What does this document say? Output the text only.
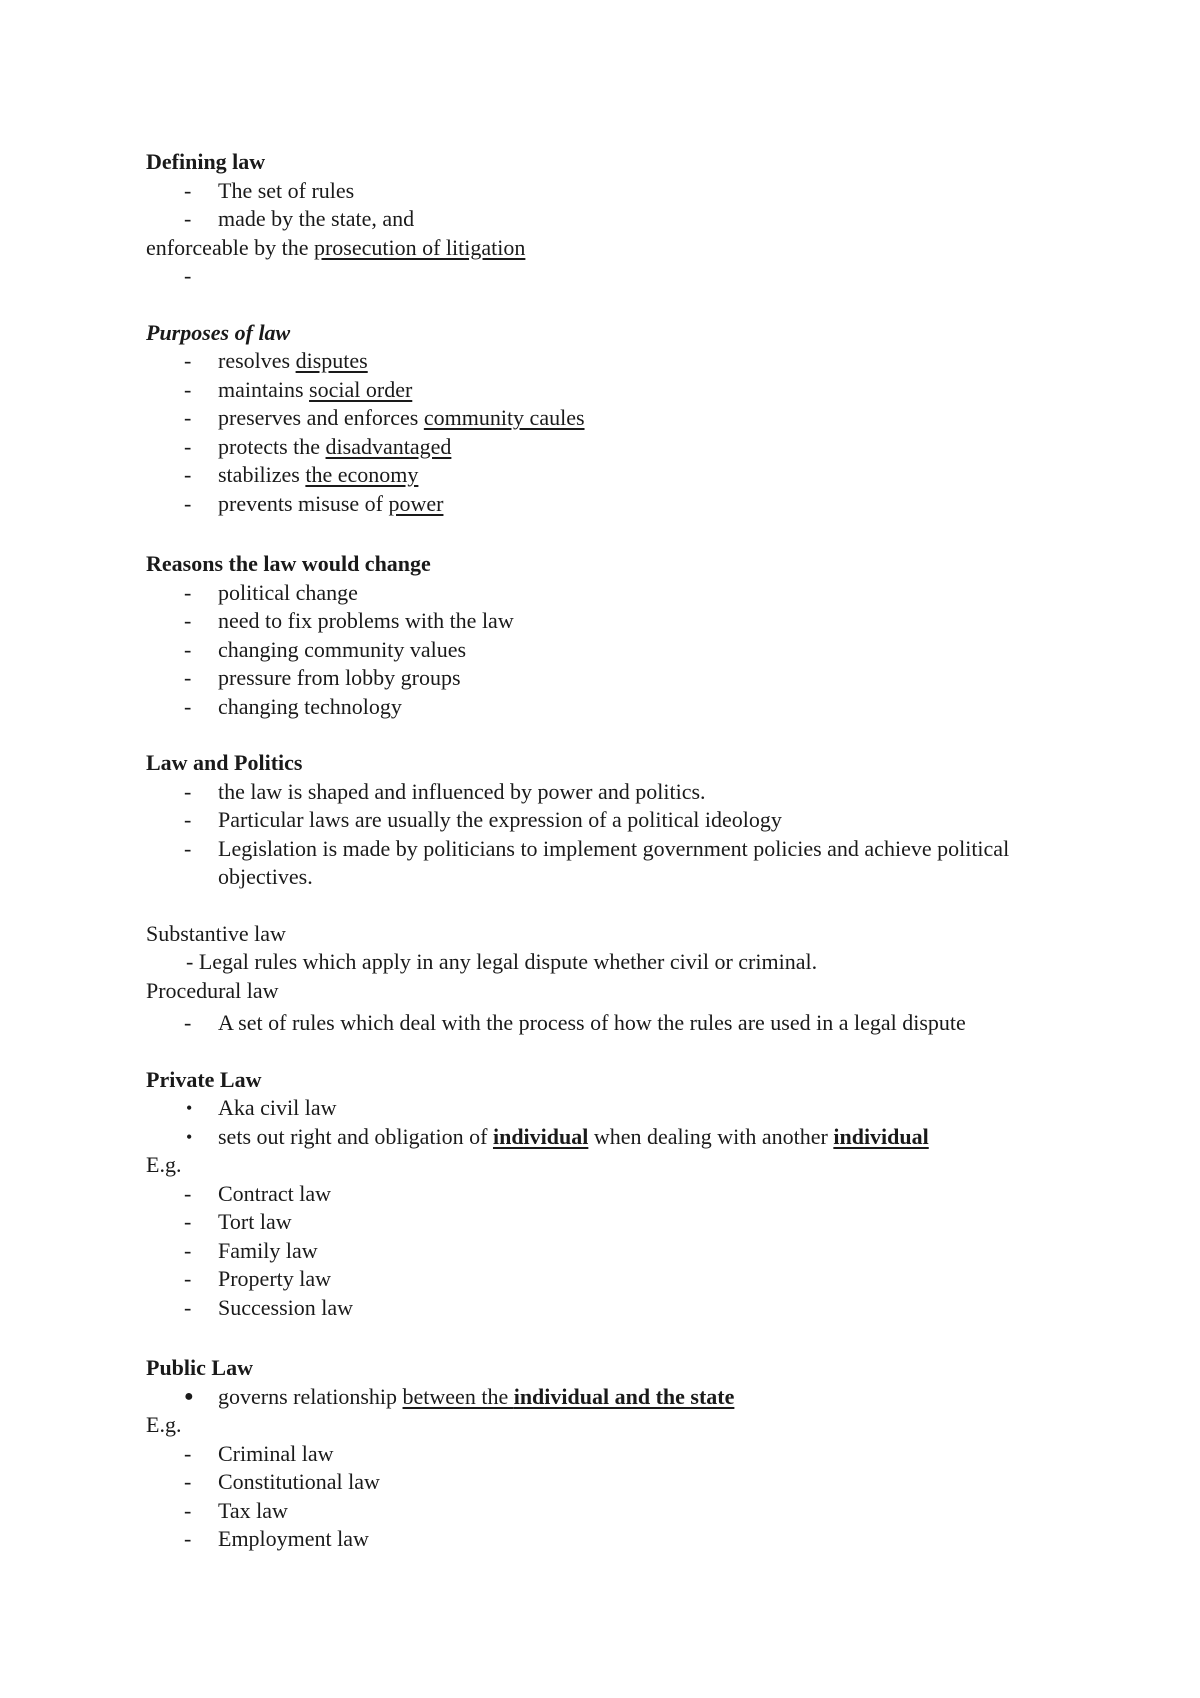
Defining law
- The set of rules
- made by the state, and
enforceable by the prosecution of litigation
-

Purposes of law
- resolves disputes
- maintains social order
- preserves and enforces community caules
- protects the disadvantaged
- stabilizes the economy
- prevents misuse of power
Reasons the law would change
- political change
- need to fix problems with the law
- changing community values
- pressure from lobby groups
- changing technology
Law and Politics
- the law is shaped and influenced by power and politics.
- Particular laws are usually the expression of a political ideology
- Legislation is made by politicians to implement government policies and achieve political objectives.
Substantive law
- Legal rules which apply in any legal dispute whether civil or criminal.
Procedural law
- A set of rules which deal with the process of how the rules are used in a legal dispute
Private Law
• Aka civil law
• sets out right and obligation of individual when dealing with another individual
E.g.
- Contract law
- Tort law
- Family law
- Property law
- Succession law
Public Law
● governs relationship between the individual and the state
E.g.
- Criminal law
- Constitutional law
- Tax law
- Employment law
